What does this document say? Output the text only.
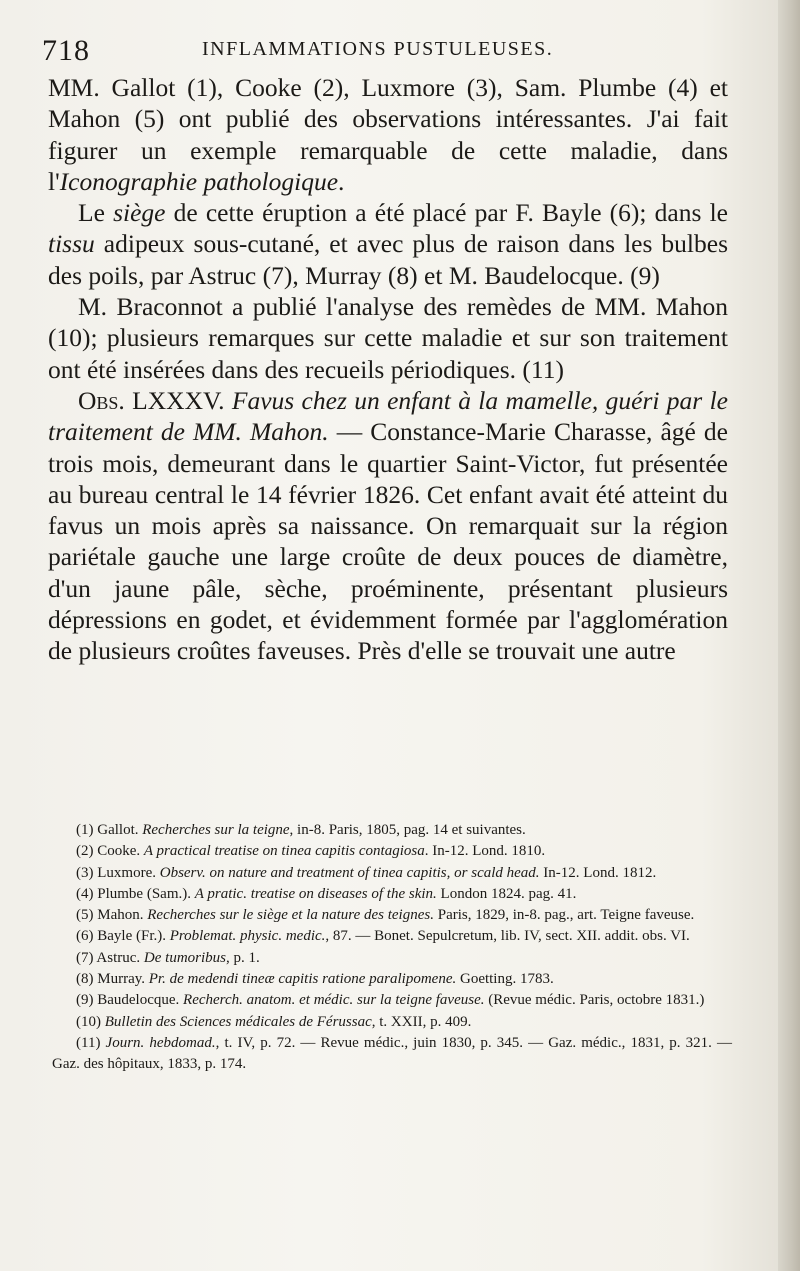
718	INFLAMMATIONS PUSTULEUSES.

MM. Gallot (1), Cooke (2), Luxmore (3), Sam. Plumbe (4) et Mahon (5) ont publié des observations intéressantes. J'ai fait figurer un exemple remarquable de cette maladie, dans l'Iconographie pathologique.

Le siège de cette éruption a été placé par F. Bayle (6); dans le tissu adipeux sous-cutané, et avec plus de raison dans les bulbes des poils, par Astruc (7), Murray (8) et M. Baudelocque. (9)

M. Braconnot a publié l'analyse des remèdes de MM. Mahon (10); plusieurs remarques sur cette maladie et sur son traitement ont été insérées dans des recueils périodiques. (11)

Obs. LXXXV. Favus chez un enfant à la mamelle, guéri par le traitement de MM. Mahon. — Constance-Marie Charasse, âgé de trois mois, demeurant dans le quartier Saint-Victor, fut présentée au bureau central le 14 février 1826. Cet enfant avait été atteint du favus un mois après sa naissance. On remarquait sur la région pariétale gauche une large croûte de deux pouces de diamètre, d'un jaune pâle, sèche, proéminente, présentant plusieurs dépressions en godet, et évidemment formée par l'agglomération de plusieurs croûtes faveuses. Près d'elle se trouvait une autre

(1) Gallot. Recherches sur la teigne, in-8. Paris, 1805, pag. 14 et suivantes.

(2) Cooke. A practical treatise on tinea capitis contagiosa. In-12. Lond. 1810.

(3) Luxmore. Observ. on nature and treatment of tinea capitis, or scald head. In-12. Lond. 1812.

(4) Plumbe (Sam.). A pratic. treatise on diseases of the skin. London 1824. pag. 41.

(5) Mahon. Recherches sur le siège et la nature des teignes. Paris, 1829, in-8. pag., art. Teigne faveuse.

(6) Bayle (Fr.). Problemat. physic. medic., 87. — Bonet. Sepulcretum, lib. IV, sect. XII. addit. obs. VI.

(7) Astruc. De tumoribus, p. 1.

(8) Murray. Pr. de medendi tineæ capitis ratione paralipomene. Goetting. 1783.

(9) Baudelocque. Recherch. anatom. et médic. sur la teigne faveuse. (Revue médic. Paris, octobre 1831.)

(10) Bulletin des Sciences médicales de Férussac, t. XXII, p. 409.

(11) Journ. hebdomad., t. IV, p. 72. — Revue médic., juin 1830, p. 345. — Gaz. médic., 1831, p. 321. — Gaz. des hôpitaux, 1833, p. 174.
